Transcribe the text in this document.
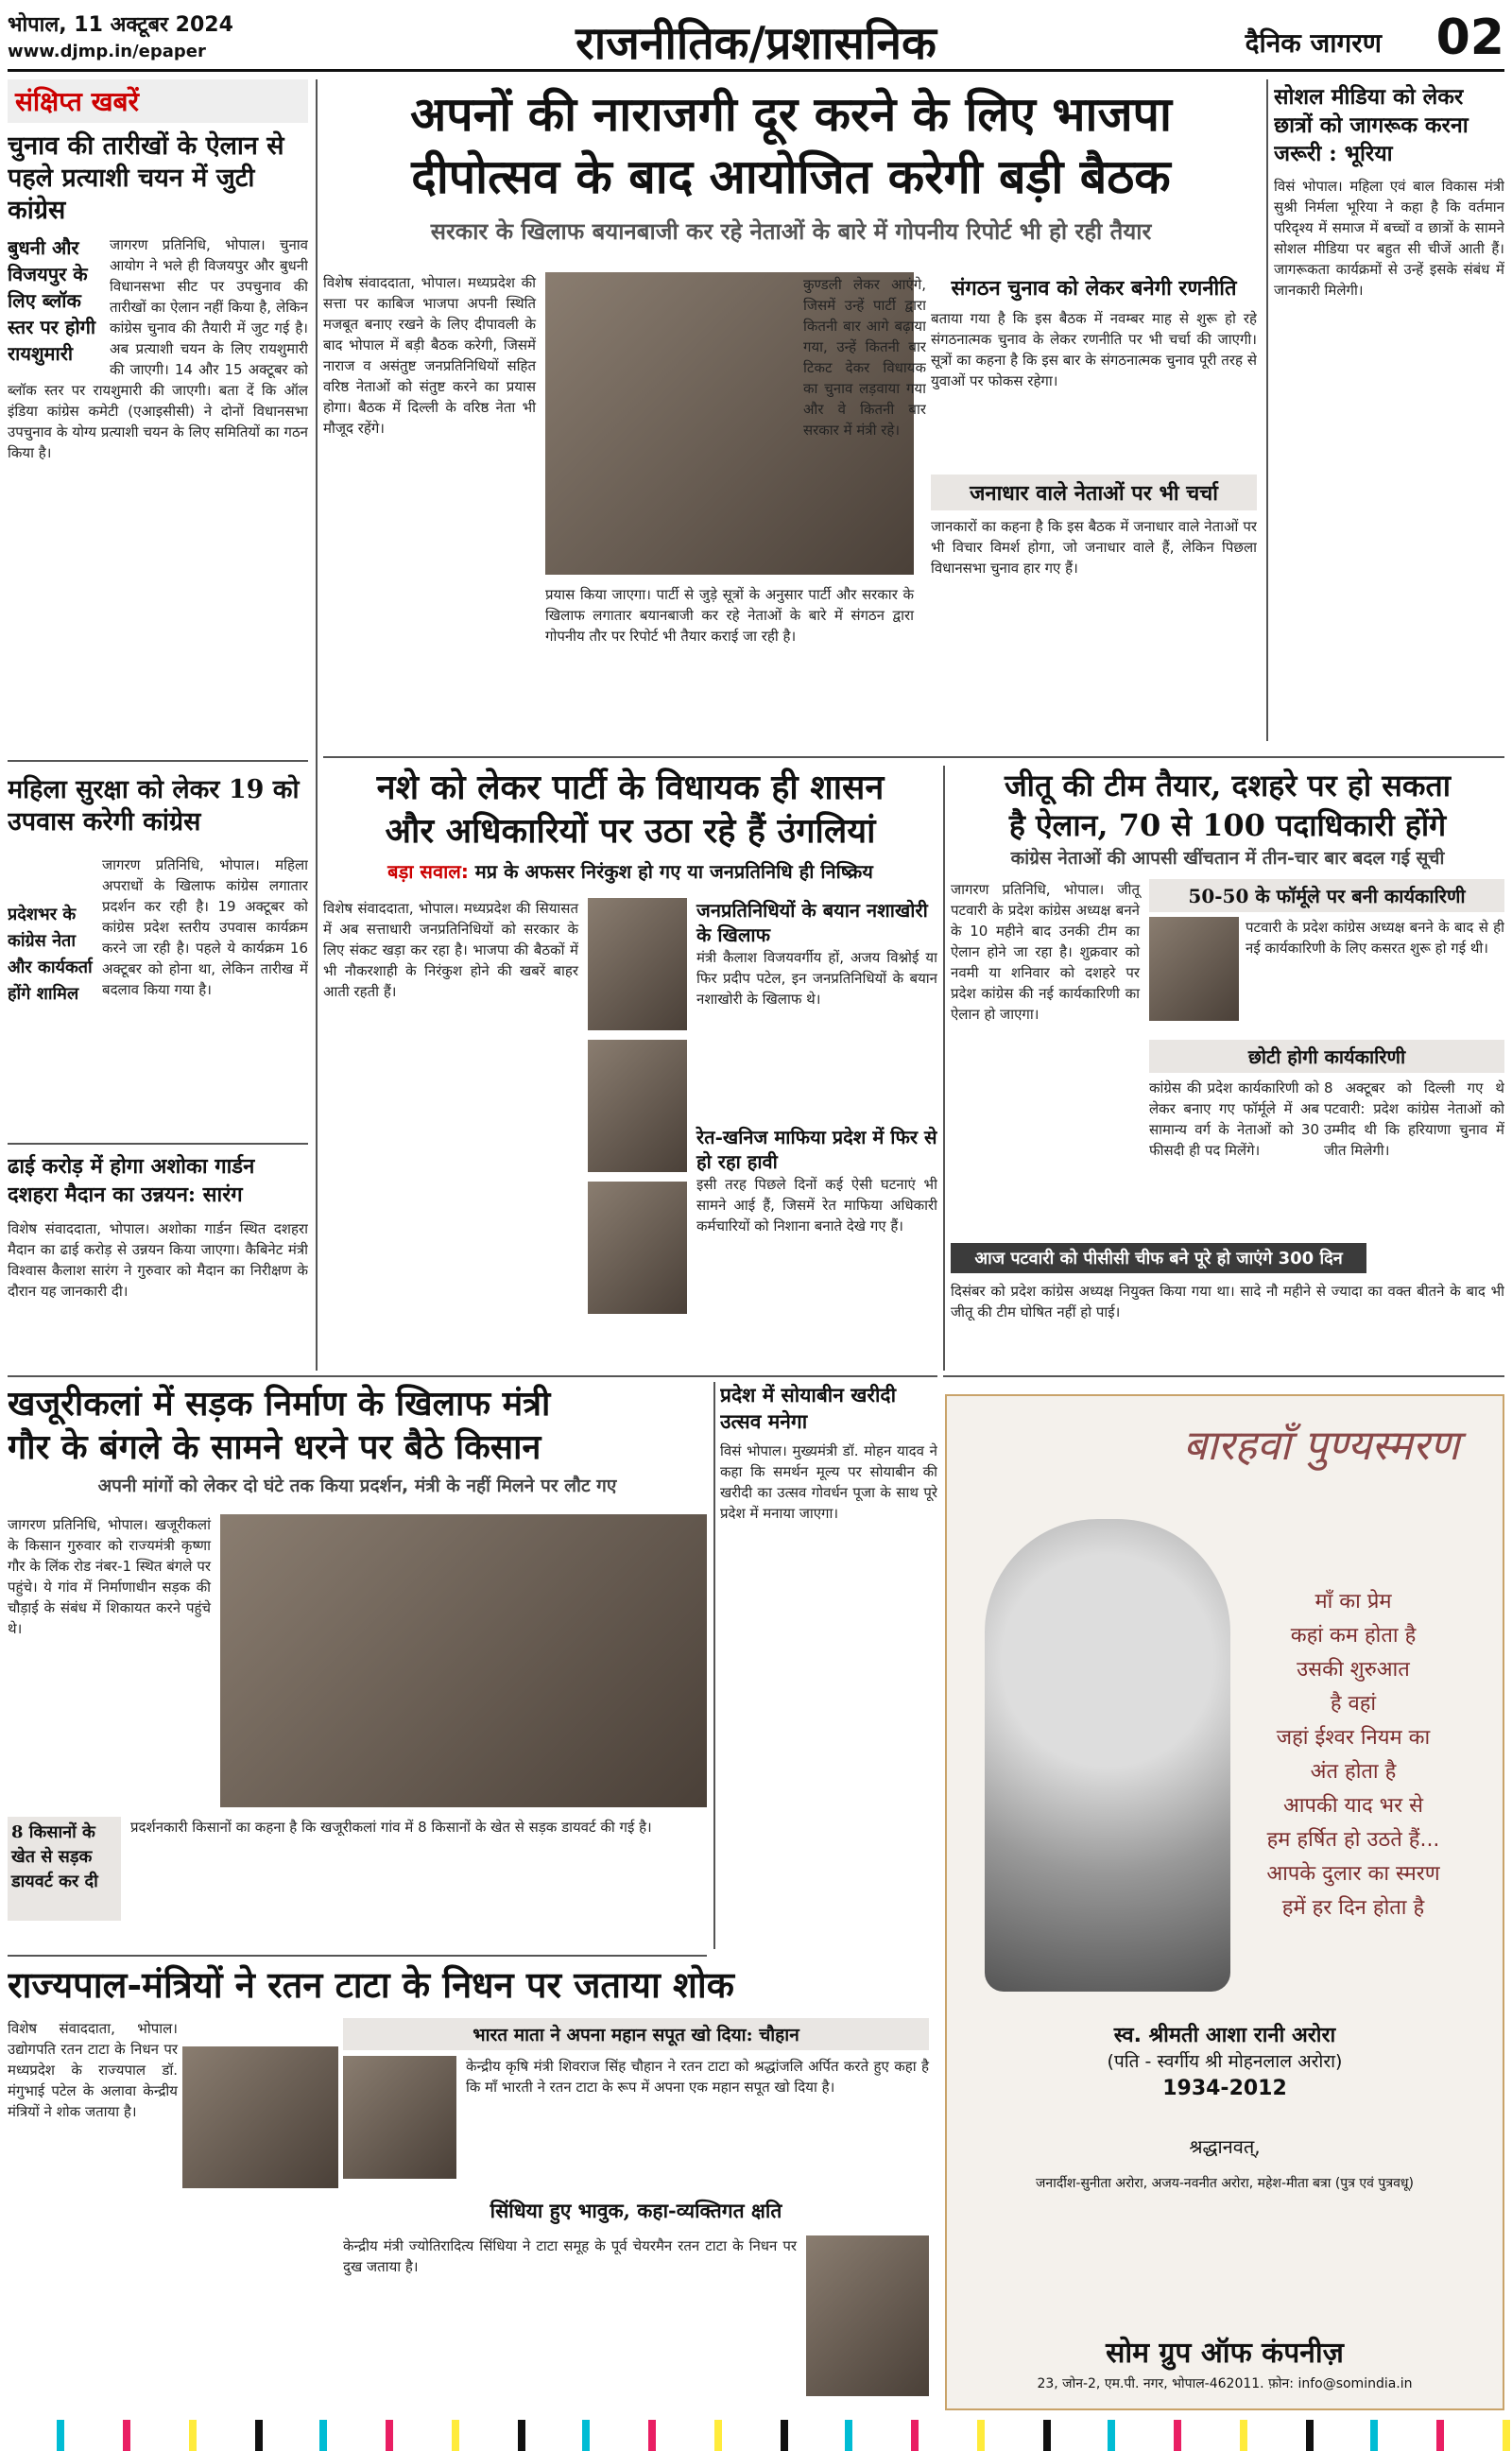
भोपाल, 11 अक्टूबर 2024
www.djmp.in/epaper	राजनीतिक/प्रशासनिक	दैनिक जागरण 02
संक्षिप्त खबरें
चुनाव की तारीखों के ऐलान से पहले प्रत्याशी चयन में जुटी कांग्रेस
बुधनी और विजयपुर के लिए ब्लॉक स्तर पर होगी रायशुमारी
जागरण प्रतिनिधि, भोपाल। चुनाव आयोग ने भले ही विजयपुर और बुधनी विधानसभा सीट पर उपचुनाव की तारीखों का ऐलान नहीं किया है, लेकिन कांग्रेस चुनाव की तैयारी में जुट गई है। अब प्रत्याशी चयन के लिए रायशुमारी की जाएगी। 14 और 15 अक्टूबर को ब्लॉक स्तर पर रायशुमारी की जाएगी। बता दें कि ऑल इंडिया कांग्रेस कमेटी (एआइसीसी) ने दोनों विधानसभा उपचुनाव के योग्य प्रत्याशी चयन के लिए समितियों का गठन किया है।
महिला सुरक्षा को लेकर 19 को उपवास करेगी कांग्रेस
प्रदेशभर के कांग्रेस नेता और कार्यकर्ता होंगे शामिल
जागरण प्रतिनिधि, भोपाल। महिला अपराधों के खिलाफ कांग्रेस लगातार प्रदर्शन कर रही है। 19 अक्टूबर को कांग्रेस प्रदेश स्तरीय उपवास कार्यक्रम करने जा रही है। पहले ये कार्यक्रम 16 अक्टूबर को होना था, लेकिन तारीख में बदलाव किया गया है।
ढाई करोड़ में होगा अशोका गार्डन दशहरा मैदान का उन्नयन: सारंग
विशेष संवाददाता, भोपाल। अशोका गार्डन स्थित दशहरा मैदान का ढाई करोड़ से उन्नयन किया जाएगा। कैबिनेट मंत्री विश्वास कैलाश सारंग ने गुरुवार को मैदान का निरीक्षण के दौरान यह जानकारी दी।
अपनों की नाराजगी दूर करने के लिए भाजपा
दीपोत्सव के बाद आयोजित करेगी बड़ी बैठक
सरकार के खिलाफ बयानबाजी कर रहे नेताओं के बारे में गोपनीय रिपोर्ट भी हो रही तैयार
विशेष संवाददाता, भोपाल। मध्यप्रदेश की सत्ता पर काबिज भाजपा अपनी स्थिति मजबूत बनाए रखने के लिए दीपावली के बाद भोपाल में बड़ी बैठक करेगी, जिसमें नाराज व असंतुष्ट जनप्रतिनिधियों सहित वरिष्ठ नेताओं को संतुष्ट करने का प्रयास होगा। बैठक में दिल्ली के वरिष्ठ नेता भी मौजूद रहेंगे।
प्रयास किया जाएगा। पार्टी से जुड़े सूत्रों के अनुसार पार्टी और सरकार के खिलाफ लगातार बयानबाजी कर रहे नेताओं के बारे में संगठन द्वारा गोपनीय तौर पर रिपोर्ट भी तैयार कराई जा रही है।
कुण्डली लेकर आएंगे, जिसमें उन्हें पार्टी द्वारा कितनी बार आगे बढ़ाया गया, उन्हें कितनी बार टिकट देकर विधायक का चुनाव लड़वाया गया और वे कितनी बार सरकार में मंत्री रहे।
संगठन चुनाव को लेकर बनेगी रणनीति
बताया गया है कि इस बैठक में नवम्बर माह से शुरू हो रहे संगठनात्मक चुनाव के लेकर रणनीति पर भी चर्चा की जाएगी। सूत्रों का कहना है कि इस बार के संगठनात्मक चुनाव पूरी तरह से युवाओं पर फोकस रहेगा।
जनाधार वाले नेताओं पर भी चर्चा
जानकारों का कहना है कि इस बैठक में जनाधार वाले नेताओं पर भी विचार विमर्श होगा, जो जनाधार वाले हैं, लेकिन पिछला विधानसभा चुनाव हार गए हैं।
सोशल मीडिया को लेकर छात्रों को जागरूक करना जरूरी : भूरिया
विसं भोपाल। महिला एवं बाल विकास मंत्री सुश्री निर्मला भूरिया ने कहा है कि वर्तमान परिदृश्य में समाज में बच्चों व छात्रों के सामने सोशल मीडिया पर बहुत सी चीजें आती हैं। जागरूकता कार्यक्रमों से उन्हें इसके संबंध में जानकारी मिलेगी।
नशे को लेकर पार्टी के विधायक ही शासन
और अधिकारियों पर उठा रहे हैं उंगलियां
बड़ा सवाल: मप्र के अफसर निरंकुश हो गए या जनप्रतिनिधि ही निष्क्रिय
विशेष संवाददाता, भोपाल। मध्यप्रदेश की सियासत में अब सत्ताधारी जनप्रतिनिधियों को सरकार के लिए संकट खड़ा कर रहा है। भाजपा की बैठकों में भी नौकरशाही के निरंकुश होने की खबरें बाहर आती रहती हैं।
जनप्रतिनिधियों के बयान नशाखोरी के खिलाफ
मंत्री कैलाश विजयवर्गीय हों, अजय विश्नोई या फिर प्रदीप पटेल, इन जनप्रतिनिधियों के बयान नशाखोरी के खिलाफ थे।
रेत-खनिज माफिया प्रदेश में फिर से हो रहा हावी
इसी तरह पिछले दिनों कई ऐसी घटनाएं भी सामने आई हैं, जिसमें रेत माफिया अधिकारी कर्मचारियों को निशाना बनाते देखे गए हैं।
जीतू की टीम तैयार, दशहरे पर हो सकता
है ऐलान, 70 से 100 पदाधिकारी होंगे
कांग्रेस नेताओं की आपसी खींचतान में तीन-चार बार बदल गई सूची
जागरण प्रतिनिधि, भोपाल। जीतू पटवारी के प्रदेश कांग्रेस अध्यक्ष बनने के 10 महीने बाद उनकी टीम का ऐलान होने जा रहा है। शुक्रवार को नवमी या शनिवार को दशहरे पर प्रदेश कांग्रेस की नई कार्यकारिणी का ऐलान हो जाएगा।
50-50 के फॉर्मूले पर बनी कार्यकारिणी
पटवारी के प्रदेश कांग्रेस अध्यक्ष बनने के बाद से ही नई कार्यकारिणी के लिए कसरत शुरू हो गई थी।
छोटी होगी कार्यकारिणी
कांग्रेस की प्रदेश कार्यकारिणी को लेकर बनाए गए फॉर्मूले में अब सामान्य वर्ग के नेताओं को 30 फीसदी ही पद मिलेंगे।
8 अक्टूबर को दिल्ली गए थे पटवारी: प्रदेश कांग्रेस नेताओं को उम्मीद थी कि हरियाणा चुनाव में जीत मिलेगी।
आज पटवारी को पीसीसी चीफ बने पूरे हो जाएंगे 300 दिन
दिसंबर को प्रदेश कांग्रेस अध्यक्ष नियुक्त किया गया था। सादे नौ महीने से ज्यादा का वक्त बीतने के बाद भी जीतू की टीम घोषित नहीं हो पाई।
खजूरीकलां में सड़क निर्माण के खिलाफ मंत्री
गौर के बंगले के सामने धरने पर बैठे किसान
अपनी मांगों को लेकर दो घंटे तक किया प्रदर्शन, मंत्री के नहीं मिलने पर लौट गए
जागरण प्रतिनिधि, भोपाल। खजूरीकलां के किसान गुरुवार को राज्यमंत्री कृष्णा गौर के लिंक रोड नंबर-1 स्थित बंगले पर पहुंचे। ये गांव में निर्माणाधीन सड़क की चौड़ाई के संबंध में शिकायत करने पहुंचे थे।
8 किसानों के खेत से सड़क डायवर्ट कर दी
प्रदर्शनकारी किसानों का कहना है कि खजूरीकलां गांव में 8 किसानों के खेत से सड़क डायवर्ट की गई है।
प्रदेश में सोयाबीन खरीदी उत्सव मनेगा
विसं भोपाल। मुख्यमंत्री डॉ. मोहन यादव ने कहा कि समर्थन मूल्य पर सोयाबीन की खरीदी का उत्सव गोवर्धन पूजा के साथ पूरे प्रदेश में मनाया जाएगा।
राज्यपाल-मंत्रियों ने रतन टाटा के निधन पर जताया शोक
विशेष संवाददाता, भोपाल। उद्योगपति रतन टाटा के निधन पर मध्यप्रदेश के राज्यपाल डॉ. मंगुभाई पटेल के अलावा केन्द्रीय मंत्रियों ने शोक जताया है।
भारत माता ने अपना महान सपूत खो दिया: चौहान
केन्द्रीय कृषि मंत्री शिवराज सिंह चौहान ने रतन टाटा को श्रद्धांजलि अर्पित करते हुए कहा है कि माँ भारती ने रतन टाटा के रूप में अपना एक महान सपूत खो दिया है।
सिंधिया हुए भावुक, कहा-व्यक्तिगत क्षति
केन्द्रीय मंत्री ज्योतिरादित्य सिंधिया ने टाटा समूह के पूर्व चेयरमैन रतन टाटा के निधन पर दुख जताया है।
बारहवाँ पुण्यस्मरण
माँ का प्रेम
कहां कम होता है
उसकी शुरुआत
है वहां
जहां ईश्वर नियम का
अंत होता है
आपकी याद भर से
हम हर्षित हो उठते हैं...
आपके दुलार का स्मरण
हमें हर दिन होता है
स्व. श्रीमती आशा रानी अरोरा
(पति - स्वर्गीय श्री मोहनलाल अरोरा)
1934-2012
श्रद्धानवत्,
जनार्दीश-सुनीता अरोरा, अजय-नवनीत अरोरा, महेश-मीता बत्रा (पुत्र एवं पुत्रवधू)
सोम ग्रुप ऑफ कंपनीज़
23, जोन-2, एम.पी. नगर, भोपाल-462011. फ़ोन: info@somindia.in
